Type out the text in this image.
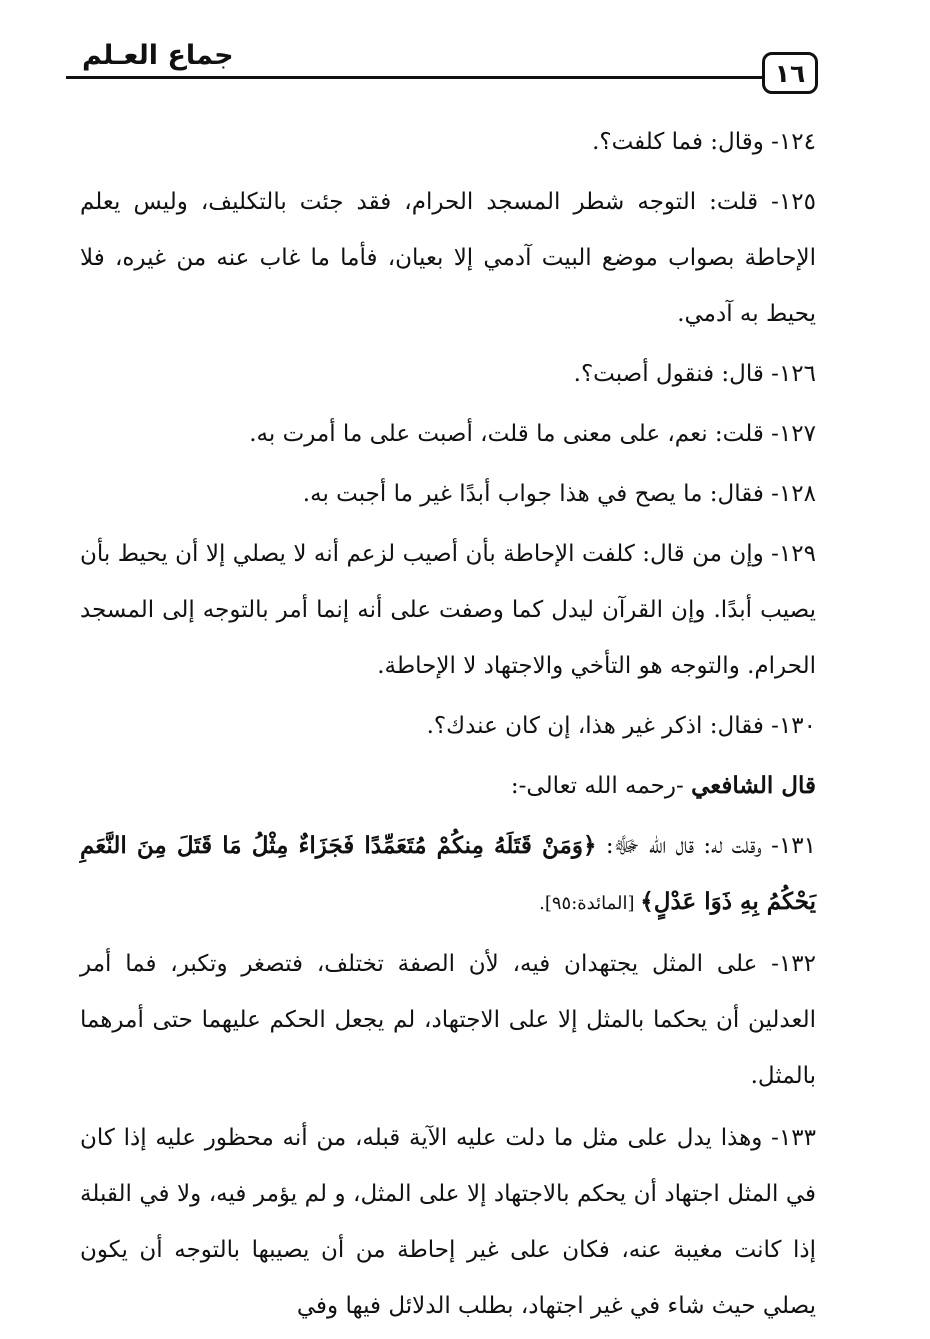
جماع العـلم
١٦

١٢٤- وقال: فما كلفت؟.

١٢٥- قلت: التوجه شطر المسجد الحرام، فقد جئت بالتكليف، وليس يعلم الإحاطة بصواب موضع البيت آدمي إلا بعيان، فأما ما غاب عنه من غيره، فلا يحيط به آدمي.

١٢٦- قال: فنقول أصبت؟.

١٢٧- قلت: نعم، على معنى ما قلت، أصبت على ما أمرت به.

١٢٨- فقال: ما يصح في هذا جواب أبدًا غير ما أجبت به.

١٢٩- وإن من قال: كلفت الإحاطة بأن أصيب لزعم أنه لا يصلي إلا أن يحيط بأن يصيب أبدًا. وإن القرآن ليدل كما وصفت على أنه إنما أمر بالتوجه إلى المسجد الحرام. والتوجه هو التأخي والاجتهاد لا الإحاطة.

١٣٠- فقال: اذكر غير هذا، إن كان عندك؟.

قال الشافعي -رحمه الله تعالى-:

١٣١- وقلت له: قال الله ﷻ: ﴿وَمَنْ قَتَلَهُ مِنكُمْ مُتَعَمِّدًا فَجَزَاءٌ مِثْلُ مَا قَتَلَ مِنَ النَّعَمِ يَحْكُمُ بِهِ ذَوَا عَدْلٍ﴾ [المائدة:٩٥].

١٣٢- على المثل يجتهدان فيه، لأن الصفة تختلف، فتصغر وتكبر، فما أمر العدلين أن يحكما بالمثل إلا على الاجتهاد، لم يجعل الحكم عليهما حتى أمرهما بالمثل.

١٣٣- وهذا يدل على مثل ما دلت عليه الآية قبله، من أنه محظور عليه إذا كان في المثل اجتهاد أن يحكم بالاجتهاد إلا على المثل، و لم يؤمر فيه، ولا في القبلة إذا كانت مغيبة عنه، فكان على غير إحاطة من أن يصيبها بالتوجه أن يكون يصلي حيث شاء في غير اجتهاد، بطلب الدلائل فيها وفي
